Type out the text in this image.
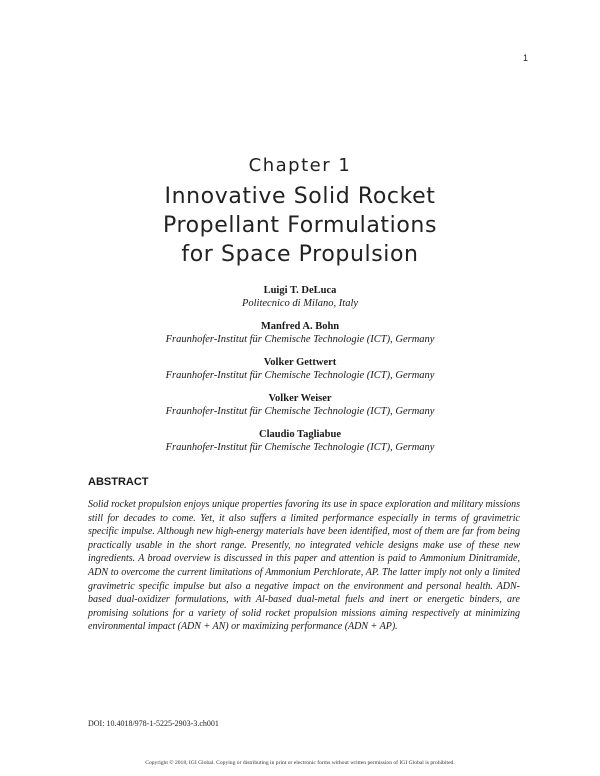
1
Chapter 1
Innovative Solid Rocket
Propellant Formulations
for Space Propulsion
Luigi T. DeLuca
Politecnico di Milano, Italy
Manfred A. Bohn
Fraunhofer-Institut für Chemische Technologie (ICT), Germany
Volker Gettwert
Fraunhofer-Institut für Chemische Technologie (ICT), Germany
Volker Weiser
Fraunhofer-Institut für Chemische Technologie (ICT), Germany
Claudio Tagliabue
Fraunhofer-Institut für Chemische Technologie (ICT), Germany
ABSTRACT
Solid rocket propulsion enjoys unique properties favoring its use in space exploration and military missions still for decades to come. Yet, it also suffers a limited performance especially in terms of gravimetric specific impulse. Although new high-energy materials have been identified, most of them are far from being practically usable in the short range. Presently, no integrated vehicle designs make use of these new ingredients. A broad overview is discussed in this paper and attention is paid to Ammonium Dinitramide, ADN to overcome the current limitations of Ammonium Perchlorate, AP. The latter imply not only a limited gravimetric specific impulse but also a negative impact on the environment and personal health. ADN-based dual-oxidizer formulations, with Al-based dual-metal fuels and inert or energetic binders, are promising solutions for a variety of solid rocket propulsion missions aiming respectively at minimizing environmental impact (ADN + AN) or maximizing performance (ADN + AP).
DOI: 10.4018/978-1-5225-2903-3.ch001
Copyright © 2018, IGI Global. Copying or distributing in print or electronic forms without written permission of IGI Global is prohibited.
